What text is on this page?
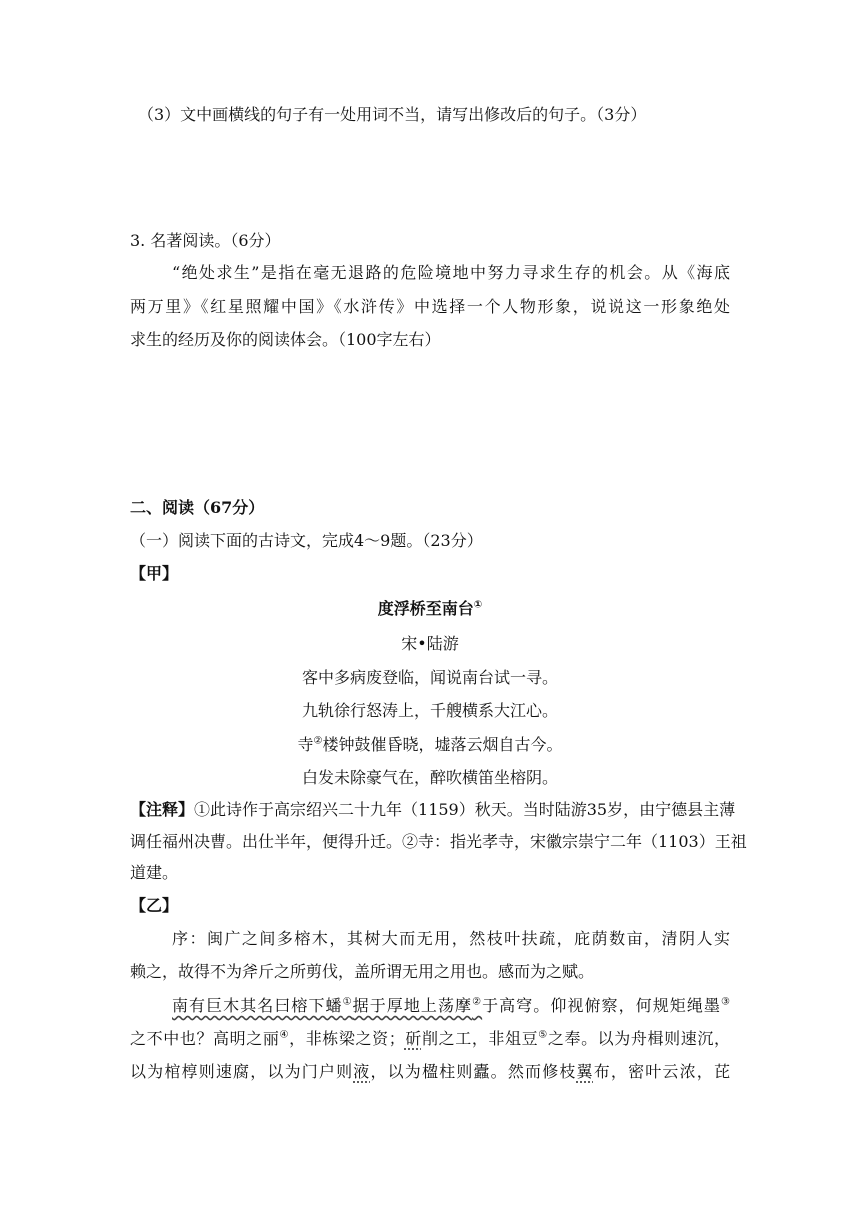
（3）文中画横线的句子有一处用词不当，请写出修改后的句子。（3分）
3. 名著阅读。（6分）
“绝处求生”是指在毫无退路的危险境地中努力寻求生存的机会。从《海底
两万里》《红星照耀中国》《水浒传》中选择一个人物形象，说说这一形象绝处
求生的经历及你的阅读体会。（100字左右）
二、阅读（67分）
（一）阅读下面的古诗文，完成4～9题。（23分）
【甲】
度浮桥至南台①
宋•陆游
客中多病废登临，闻说南台试一寻。
九轨徐行怒涛上，千艘横系大江心。
寺②楼钟鼓催昏晓，墟落云烟自古今。
白发未除豪气在，醉吹横笛坐榕阴。
【注释】①此诗作于高宗绍兴二十九年（1159）秋天。当时陆游35岁，由宁德县主薄
调任福州决曹。出仕半年，便得升迁。②寺：指光孝寺，宋徽宗崇宁二年（1103）王祖
道建。
【乙】
序：闽广之间多榕木，其树大而无用，然枝叶扶疏，庇荫数亩，清阴人实
赖之，故得不为斧斤之所剪伐，盖所谓无用之用也。感而为之赋。
南有巨木其名曰榕下蟠①据于厚地上荡摩②于高穹。仰视俯察，何规矩绳墨③
之不中也？高明之丽④，非栋梁之资；斫削之工，非俎豆⑤之奉。以为舟楫则速沉，
以为棺椁则速腐，以为门户则液，以为楹柱则蠹。然而修枝翼布，密叶云浓，芘
